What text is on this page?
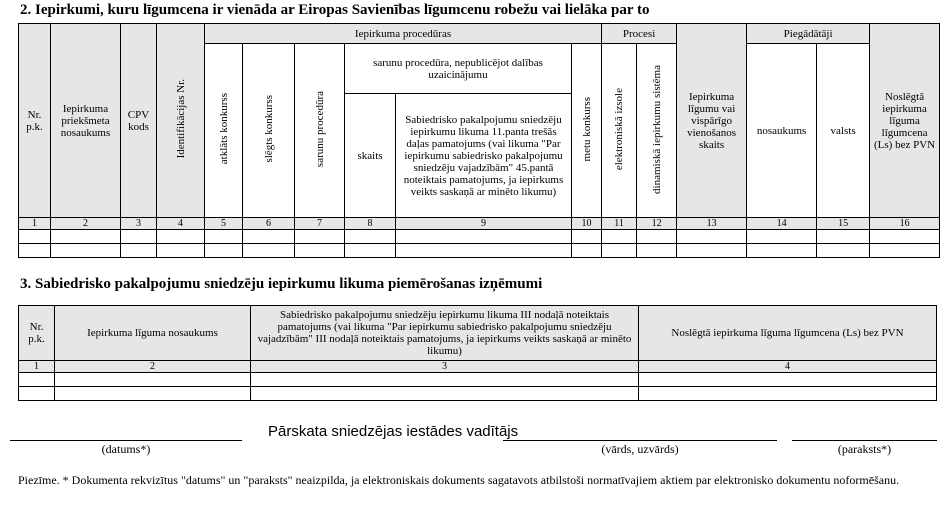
2. Iepirkumi, kuru līgumcena ir vienāda ar Eiropas Savienības līgumcenu robežu vai lielāka par to
Nr. p.k.	Iepirkuma priekšmeta nosaukums	CPV kods	Identifikācijas Nr.	Iepirkuma procedūras						Procesi		Iepirkuma līgumu vai vispārīgo vienošanos skaits	Piegādātāji		Noslēgtā iepirkuma līguma līgumcena (Ls) bez PVN
				atklāts konkurss	slēgts konkurss	sarunu procedūra	sarunu procedūra, nepublicējot dalības uzaicinājumu		metu konkurss	elektroniskā izsole	dinamiskā iepirkumu sistēma		nosaukums	valsts	
							skaits	Sabiedrisko pakalpojumu sniedzēju iepirkumu likuma 11.panta trešās daļas pamatojums (vai likuma "Par iepirkumu sabiedrisko pakalpojumu sniedzēju vajadzībām" 45.pantā noteiktais pamatojums, ja iepirkums veikts saskaņā ar minēto likumu)							

1	2	3	4	5	6	7	8	9	10	11	12	13	14	15	16

3. Sabiedrisko pakalpojumu sniedzēju iepirkumu likuma piemērošanas izņēmumi
Nr. p.k.	Iepirkuma līguma nosaukums	Sabiedrisko pakalpojumu sniedzēju iepirkumu likuma III nodaļā noteiktais pamatojums (vai likuma "Par iepirkumu sabiedrisko pakalpojumu sniedzēju vajadzībām" III nodaļā noteiktais pamatojums, ja iepirkums veikts saskaņā ar minēto likumu)	Noslēgtā iepirkuma līguma līgumcena (Ls) bez PVN
1	2	3	4

(datums*)
Pārskata sniedzējas iestādes vadītājs
(vārds, uzvārds)	(paraksts*)
Piezīme. * Dokumenta rekvizītus "datums" un "paraksts" neaizpilda, ja elektroniskais dokuments sagatavots atbilstoši normatīvajiem aktiem par elektronisko dokumentu noformēšanu.
